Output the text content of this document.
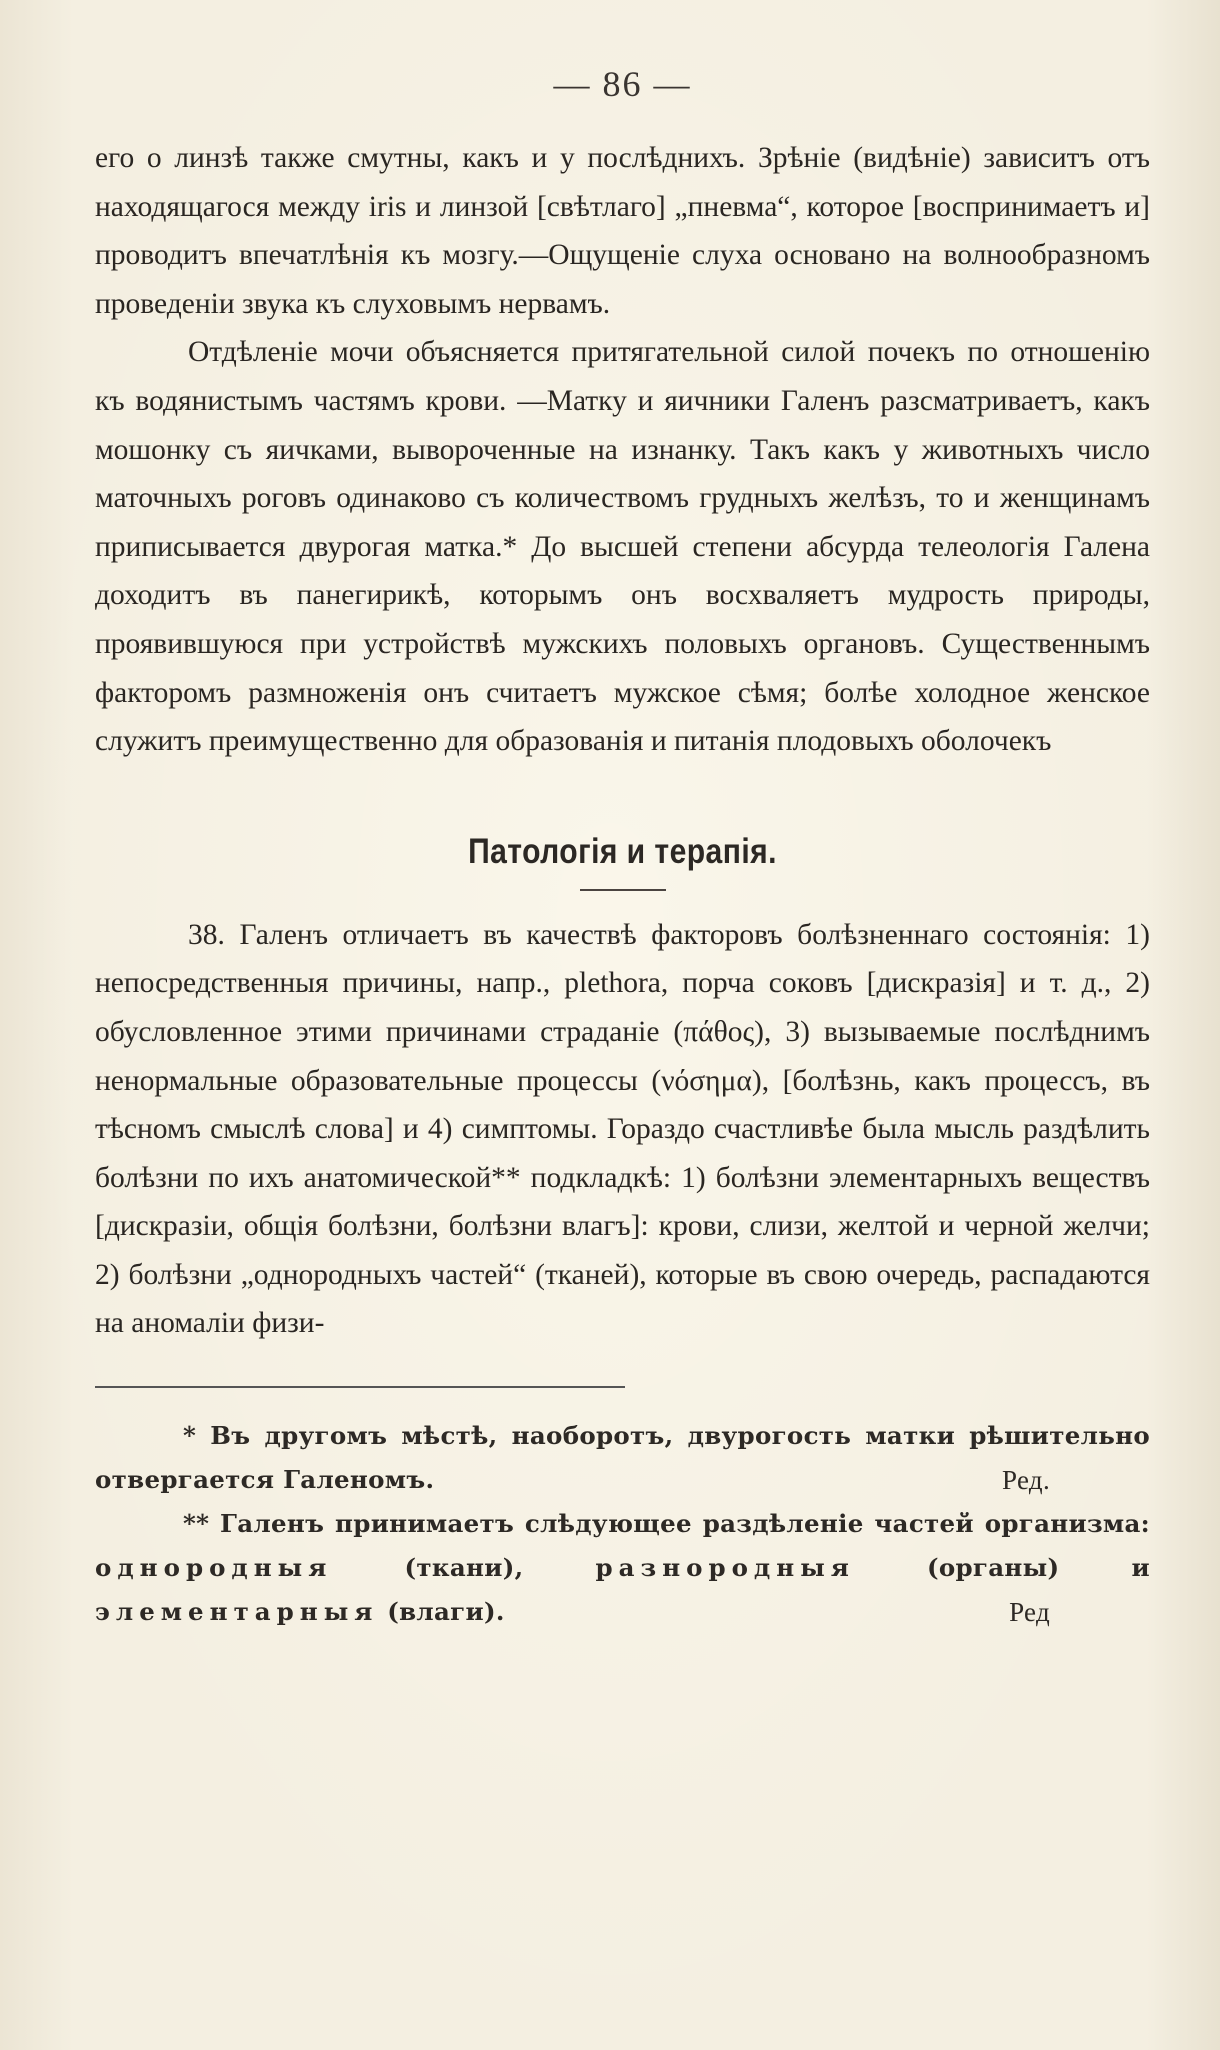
— 86 —

его о линзѣ также смутны, какъ и у послѣднихъ. Зрѣніе (видѣніе) зависитъ отъ находящагося между iris и линзой [свѣтлаго] „пневма“, которое [воспринимаетъ и] проводитъ впечатлѣнія къ мозгу.—Ощущеніе слуха основано на волнообразномъ проведеніи звука къ слуховымъ нервамъ.

Отдѣленіе мочи объясняется притягательной силой почекъ по отношенію къ водянистымъ частямъ крови. —Матку и яичники Галенъ разсматриваетъ, какъ мошонку съ яичками, вывороченные на изнанку. Такъ какъ у животныхъ число маточныхъ роговъ одинаково съ количествомъ грудныхъ желѣзъ, то и женщинамъ приписывается двурогая матка.* До высшей степени абсурда телеологія Галена доходитъ въ панегирикѣ, которымъ онъ восхваляетъ мудрость природы, проявившуюся при устройствѣ мужскихъ половыхъ органовъ. Существеннымъ факторомъ размноженія онъ считаетъ мужское сѣмя; болѣе холодное женское служитъ преимущественно для образованія и питанія плодовыхъ оболочекъ

Патологія и терапія.

38. Галенъ отличаетъ въ качествѣ факторовъ болѣзненнаго состоянія: 1) непосредственныя причины, напр., plethora, порча соковъ [дискразія] и т. д., 2) обусловленное этими причинами страданіе (πάθος), 3) вызываемые послѣднимъ ненормальные образовательные процессы (νόσημα), [болѣзнь, какъ процессъ, въ тѣсномъ смыслѣ слова] и 4) симптомы. Гораздо счастливѣе была мысль раздѣлить болѣзни по ихъ анатомической** подкладкѣ: 1) болѣзни элементарныхъ веществъ [дискразіи, общія болѣзни, болѣзни влагъ]: крови, слизи, желтой и черной желчи; 2) болѣзни „однородныхъ частей“ (тканей), которые въ свою очередь, распадаются на аномаліи физи-

* Въ другомъ мѣстѣ, наоборотъ, двурогость матки рѣшительно отвергается Галеномъ.	Ред.

** Галенъ принимаетъ слѣдующее раздѣленіе частей организма: однородныя (ткани), разнородныя (органы) и элементарныя (влаги).	Ред
